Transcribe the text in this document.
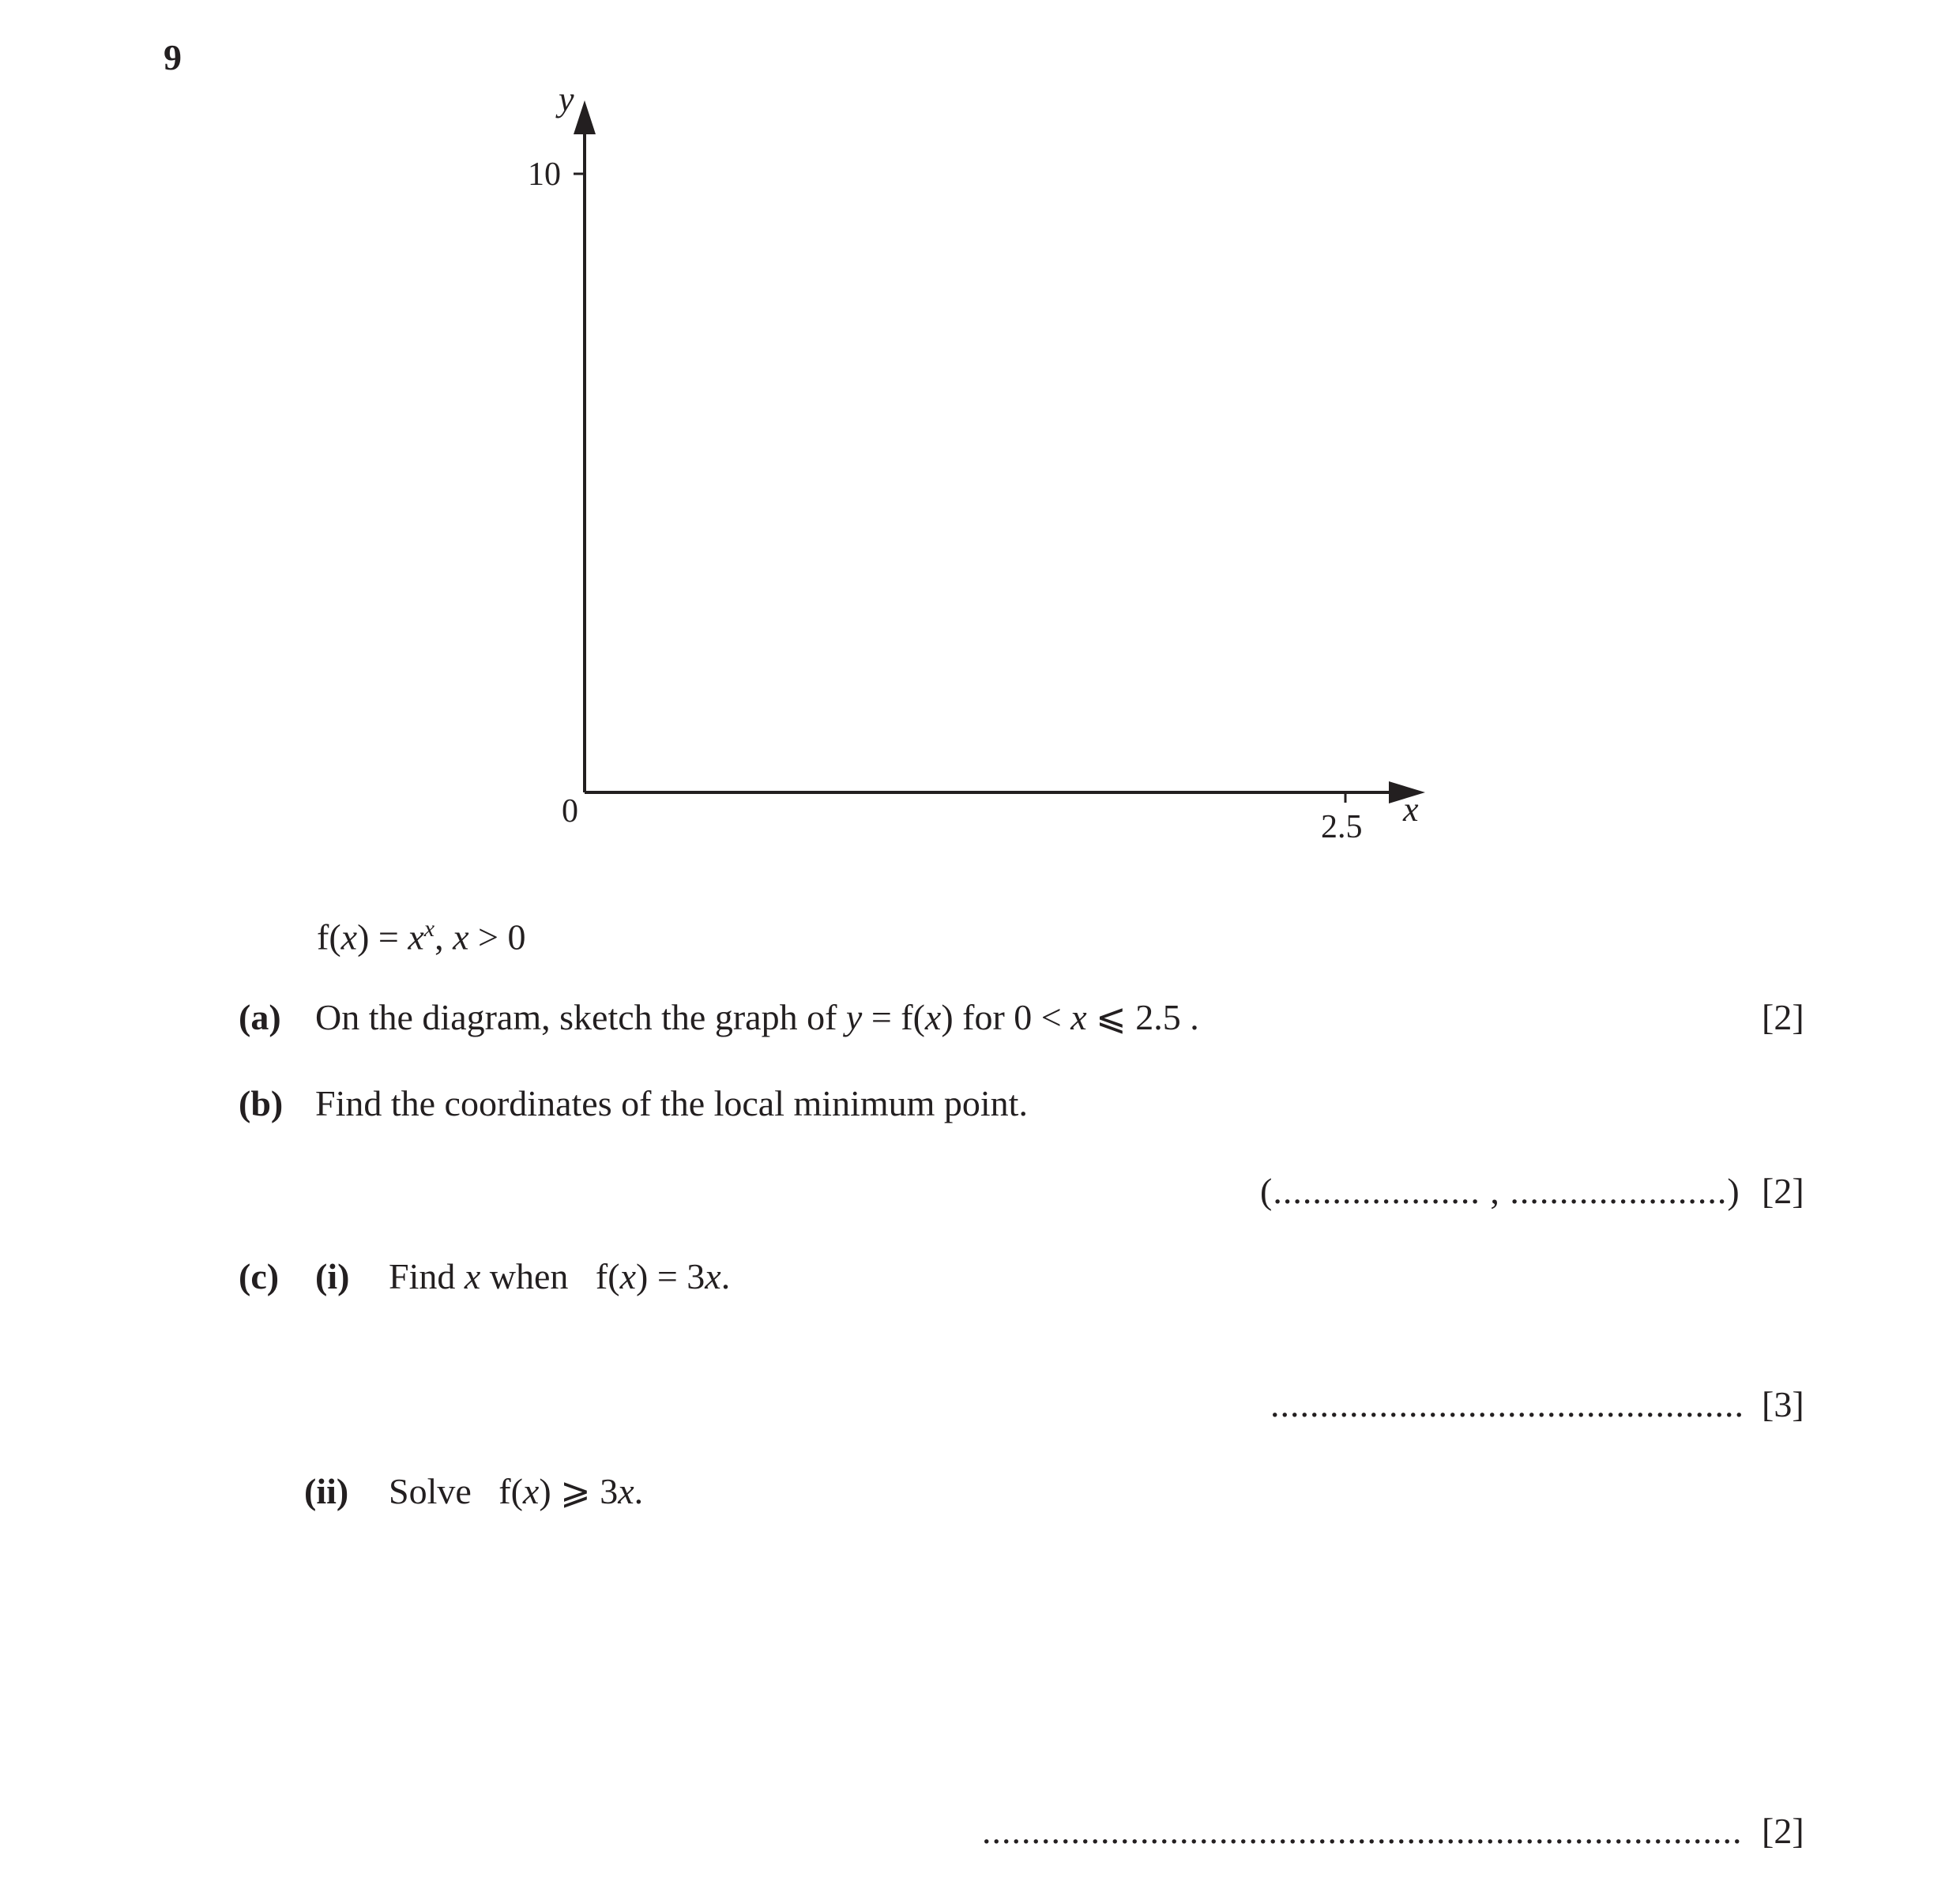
9
y
x
10
2.5
0
$f(x) = x^x$, x > 0
(a) On the diagram, sketch the graph of y = f(x) for 0 < x ⩽ 2.5 .	[2]
(b) Find the coordinates of the local minimum point.
(..................... , ......................) [2]
(c) (i) Find x when   f(x) = 3x.
................................................ [3]
(ii) Solve   f(x) ⩾ 3x.
............................................................................. [2]
